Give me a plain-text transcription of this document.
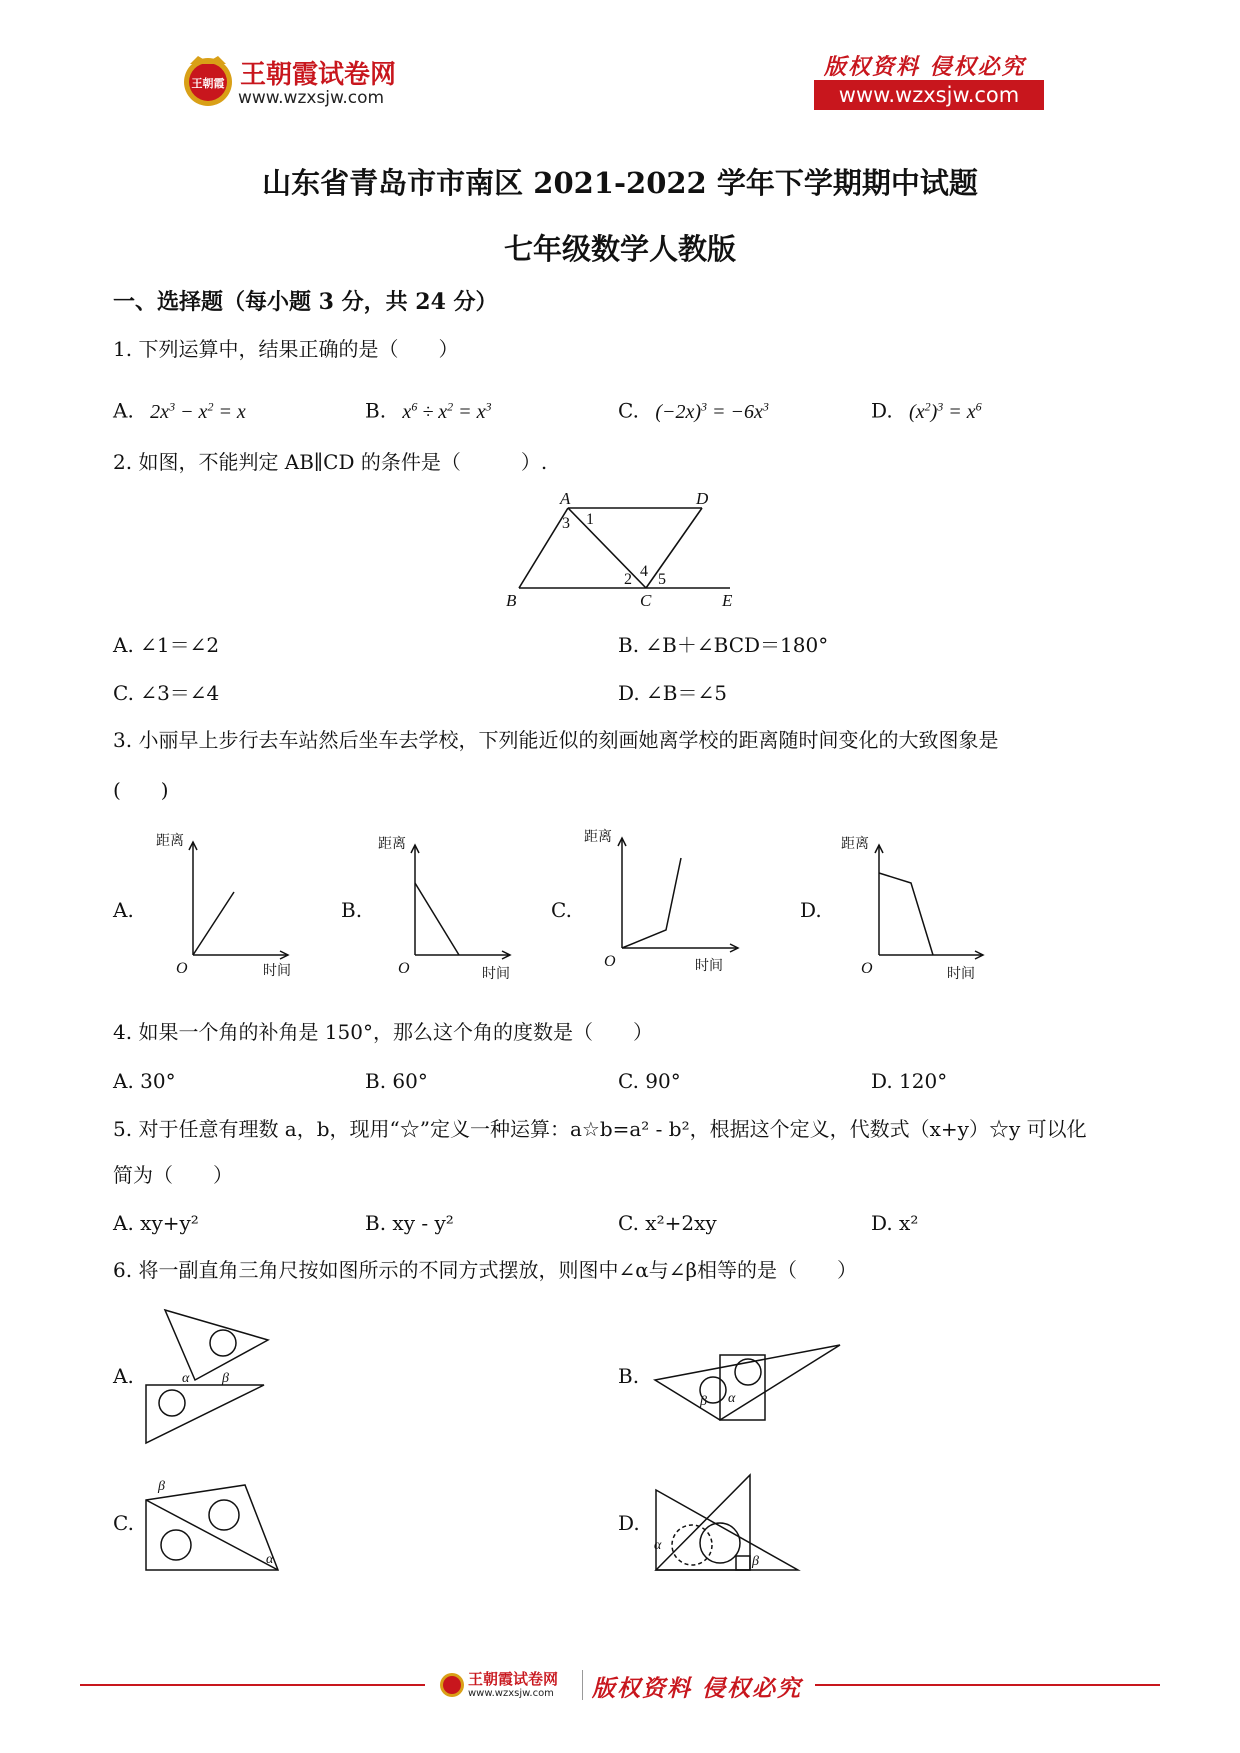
王朝霞 王朝霞试卷网
www.wzxsjw.com
版权资料 侵权必究
www.wzxsjw.com
山东省青岛市市南区 2021-2022 学年下学期期中试题
七年级数学人教版
一、选择题（每小题 3 分，共 24 分）
1. 下列运算中，结果正确的是（　　）
A. $2x^3 - x^2 = x$	B. $x^6 \div x^2 = x^3$	C. $(-2x)^3 = -6x^3$	D. $(x^2)^3 = x^6$
2. 如图，不能判定 AB∥CD 的条件是（　　　）.
A	D
B	C	E
1
2
3
4 5
A. ∠1＝∠2	B. ∠B＋∠BCD＝180°
C. ∠3＝∠4	D. ∠B＝∠5
3. 小丽早上步行去车站然后坐车去学校，下列能近似的刻画她离学校的距离随时间变化的大致图象是
(　　)
A.
距离
时间
O
B.
距离
时间
O
C.
距离
时间
O
D.
距离
时间
O
4. 如果一个角的补角是 150°，那么这个角的度数是（　　）
A. 30°	B. 60°	C. 90°	D. 120°
5. 对于任意有理数 a，b，现用“☆”定义一种运算：a☆b=a² - b²，根据这个定义，代数式（x+y）☆y 可以化
简为（　　）
A. xy+y²	B. xy - y²	C. x²+2xy	D. x²
6. 将一副直角三角尺按如图所示的不同方式摆放，则图中∠α与∠β相等的是（　　）
A.	α β	B.
β α
C.
β
α
D.
α
β
王朝霞试卷网
www.wzxsjw.com 版权资料 侵权必究
